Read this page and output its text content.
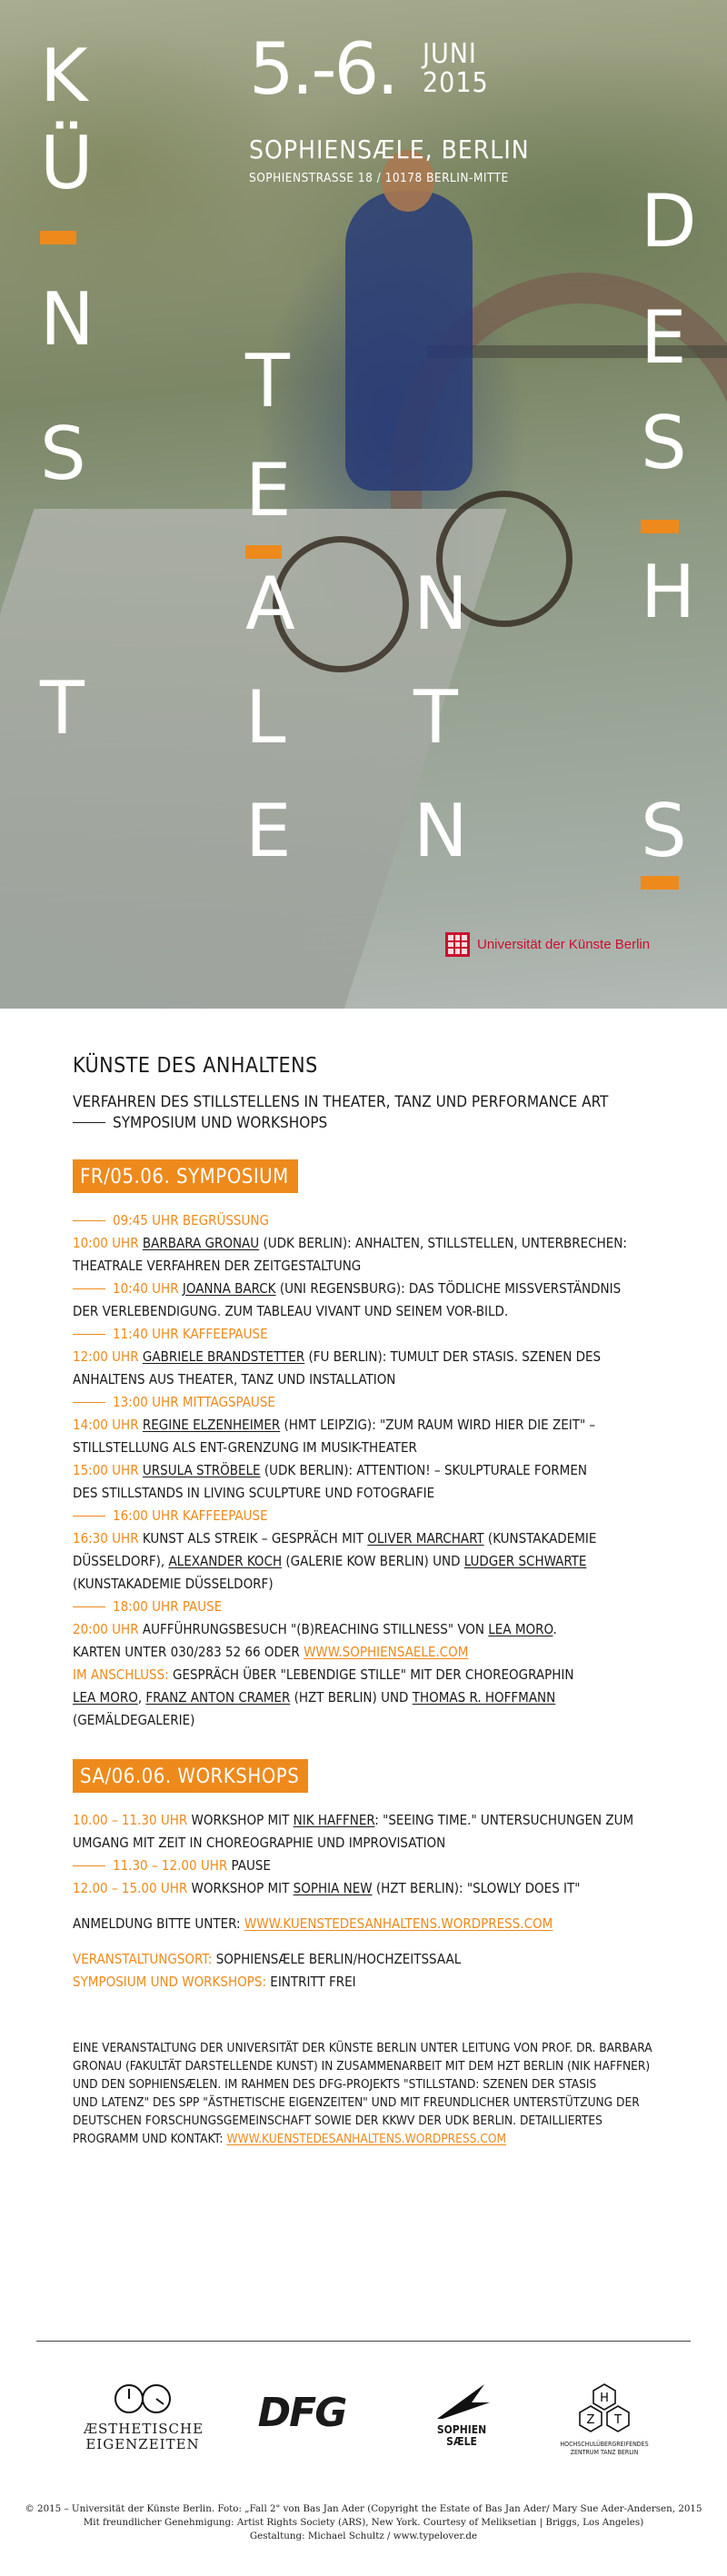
K
Ü
N
S
T
T
E
A
L
E
N
T
N
D
E
S
H
S
5.-6. JUNI
2015
SOPHIENSÆLE, BERLIN
SOPHIENSTRASSE 18 / 10178 BERLIN-MITTE
Universität der Künste Berlin
KÜNSTE DES ANHALTENS
VERFAHREN DES STILLSTELLENS IN THEATER, TANZ UND PERFORMANCE ART
SYMPOSIUM UND WORKSHOPS
FR/05.06. SYMPOSIUM

09:45 UHR BEGRÜSSUNG

10:00 UHR BARBARA GRONAU (UDK BERLIN): ANHALTEN, STILLSTELLEN, UNTERBRECHEN:

THEATRALE VERFAHREN DER ZEITGESTALTUNG

10:40 UHR JOANNA BARCK (UNI REGENSBURG): DAS TÖDLICHE MISSVERSTÄNDNIS

DER VERLEBENDIGUNG. ZUM TABLEAU VIVANT UND SEINEM VOR-BILD.

11:40 UHR KAFFEEPAUSE

12:00 UHR GABRIELE BRANDSTETTER (FU BERLIN): TUMULT DER STASIS. SZENEN DES

ANHALTENS AUS THEATER, TANZ UND INSTALLATION

13:00 UHR MITTAGSPAUSE

14:00 UHR REGINE ELZENHEIMER (HMT LEIPZIG): "ZUM RAUM WIRD HIER DIE ZEIT" –

STILLSTELLUNG ALS ENT-GRENZUNG IM MUSIK-THEATER

15:00 UHR URSULA STRÖBELE (UDK BERLIN): ATTENTION! – SKULPTURALE FORMEN

DES STILLSTANDS IN LIVING SCULPTURE UND FOTOGRAFIE

16:00 UHR KAFFEEPAUSE

16:30 UHR KUNST ALS STREIK – GESPRÄCH MIT OLIVER MARCHART (KUNSTAKADEMIE

DÜSSELDORF), ALEXANDER KOCH (GALERIE KOW BERLIN) UND LUDGER SCHWARTE

(KUNSTAKADEMIE DÜSSELDORF)

18:00 UHR PAUSE

20:00 UHR AUFFÜHRUNGSBESUCH "(B)REACHING STILLNESS" VON LEA MORO.

KARTEN UNTER 030/283 52 66 ODER WWW.SOPHIENSAELE.COM

IM ANSCHLUSS: GESPRÄCH ÜBER "LEBENDIGE STILLE" MIT DER CHOREOGRAPHIN

LEA MORO, FRANZ ANTON CRAMER (HZT BERLIN) UND THOMAS R. HOFFMANN

(GEMÄLDEGALERIE)

SA/06.06. WORKSHOPS

10.00 – 11.30 UHR WORKSHOP MIT NIK HAFFNER: "SEEING TIME." UNTERSUCHUNGEN ZUM

UMGANG MIT ZEIT IN CHOREOGRAPHIE UND IMPROVISATION

11.30 – 12.00 UHR PAUSE

12.00 – 15.00 UHR WORKSHOP MIT SOPHIA NEW (HZT BERLIN): "SLOWLY DOES IT"

ANMELDUNG BITTE UNTER: WWW.KUENSTEDESANHALTENS.WORDPRESS.COM
VERANSTALTUNGSORT: SOPHIENSÆLE BERLIN/HOCHZEITSSAAL
SYMPOSIUM UND WORKSHOPS: EINTRITT FREI
EINE VERANSTALTUNG DER UNIVERSITÄT DER KÜNSTE BERLIN UNTER LEITUNG VON PROF. DR. BARBARA
GRONAU (FAKULTÄT DARSTELLENDE KUNST) IN ZUSAMMENARBEIT MIT DEM HZT BERLIN (NIK HAFFNER)
UND DEN SOPHIENSÆLEN. IM RAHMEN DES DFG-PROJEKTS "STILLSTAND: SZENEN DER STASIS
UND LATENZ" DES SPP "ÄSTHETISCHE EIGENZEITEN" UND MIT FREUNDLICHER UNTERSTÜTZUNG DER
DEUTSCHEN FORSCHUNGSGEMEINSCHAFT SOWIE DER KKWV DER UDK BERLIN. DETAILLIERTES
PROGRAMM UND KONTAKT: WWW.KUENSTEDESANHALTENS.WORDPRESS.COM
ÆSTHETISCHE
EIGENZEITEN
DFG	SOPHIEN
SÆLE
H
Z T
HOCHSCHULÜBERGREIFENDES
ZENTRUM TANZ BERLIN
© 2015 – Universität der Künste Berlin. Foto: „Fall 2" von Bas Jan Ader (Copyright the Estate of Bas Jan Ader/ Mary Sue Ader-Andersen, 2015
Mit freundlicher Genehmigung: Artist Rights Society (ARS), New York. Courtesy of Meliksetian | Briggs, Los Angeles)
Gestaltung: Michael Schultz / www.typelover.de
